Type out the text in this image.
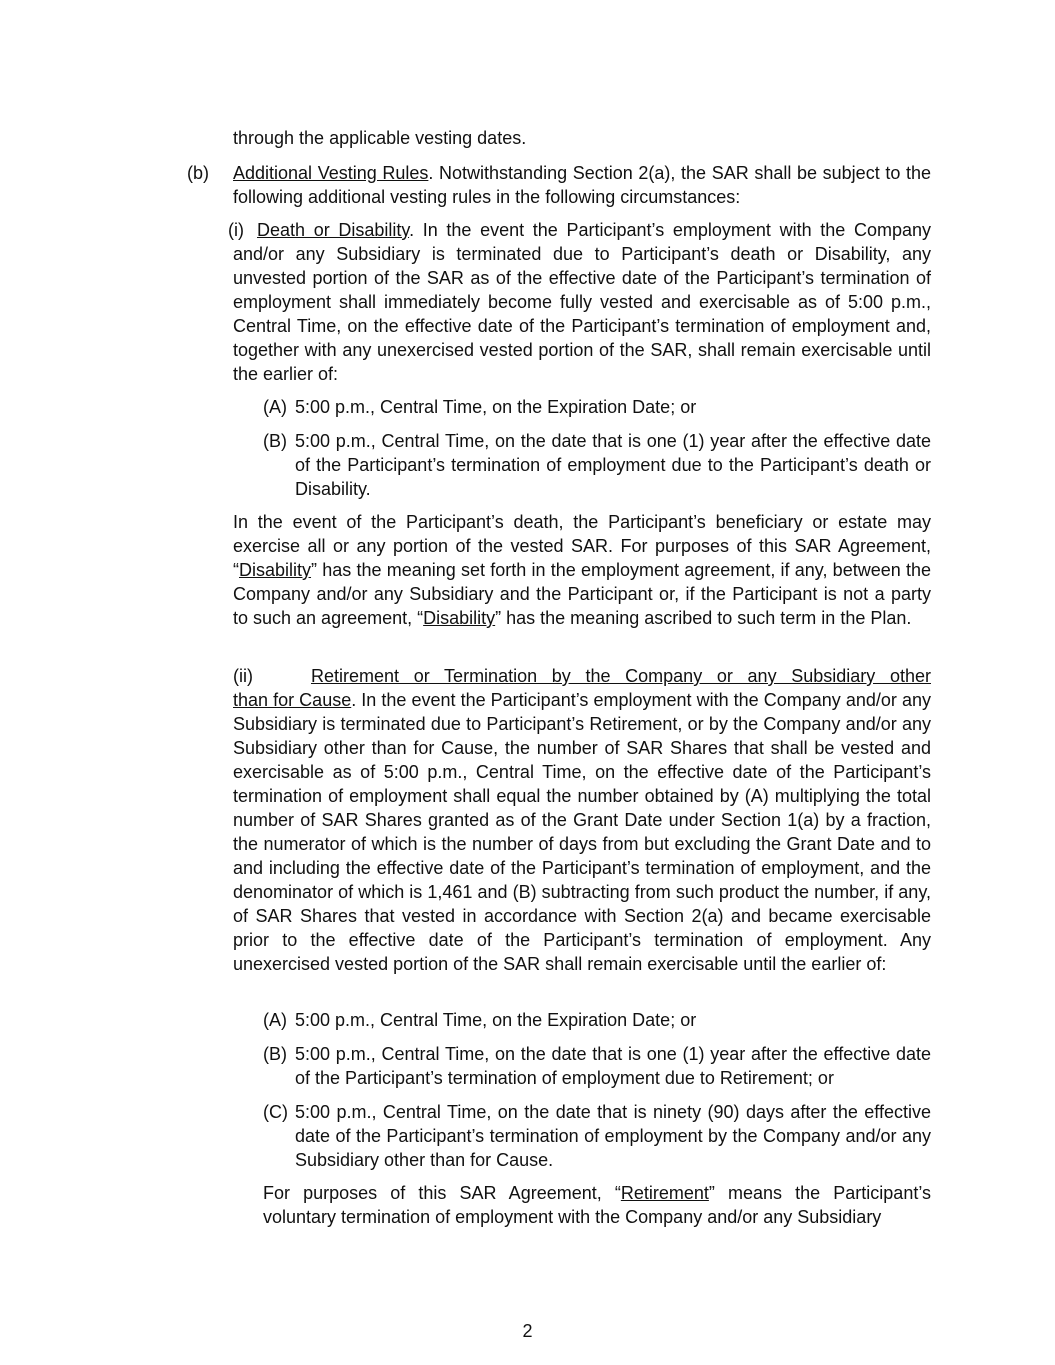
through the applicable vesting dates.

(b) Additional Vesting Rules. Notwithstanding Section 2(a), the SAR shall be subject to the following additional vesting rules in the following circumstances:

(i) Death or Disability. In the event the Participant’s employment with the Company and/or any Subsidiary is terminated due to Participant’s death or Disability, any unvested portion of the SAR as of the effective date of the Participant’s termination of employment shall immediately become fully vested and exercisable as of 5:00 p.m., Central Time, on the effective date of the Participant’s termination of employment and, together with any unexercised vested portion of the SAR, shall remain exercisable until the earlier of:

(A) 5:00 p.m., Central Time, on the Expiration Date; or

(B) 5:00 p.m., Central Time, on the date that is one (1) year after the effective date of the Participant’s termination of employment due to the Participant’s death or Disability.

In the event of the Participant’s death, the Participant’s beneficiary or estate may exercise all or any portion of the vested SAR. For purposes of this SAR Agreement, “Disability” has the meaning set forth in the employment agreement, if any, between the Company and/or any Subsidiary and the Participant or, if the Participant is not a party to such an agreement, “Disability” has the meaning ascribed to such term in the Plan.

(ii)	Retirement or Termination by the Company or any Subsidiary other

than for Cause. In the event the Participant’s employment with the Company and/or any Subsidiary is terminated due to Participant’s Retirement, or by the Company and/or any Subsidiary other than for Cause, the number of SAR Shares that shall be vested and exercisable as of 5:00 p.m., Central Time, on the effective date of the Participant’s termination of employment shall equal the number obtained by (A) multiplying the total number of SAR Shares granted as of the Grant Date under Section 1(a) by a fraction, the numerator of which is the number of days from but excluding the Grant Date and to and including the effective date of the Participant’s termination of employment, and the denominator of which is 1,461 and (B) subtracting from such product the number, if any, of SAR Shares that vested in accordance with Section 2(a) and became exercisable prior to the effective date of the Participant’s termination of employment. Any unexercised vested portion of the SAR shall remain exercisable until the earlier of:

(A) 5:00 p.m., Central Time, on the Expiration Date; or

(B) 5:00 p.m., Central Time, on the date that is one (1) year after the effective date of the Participant’s termination of employment due to Retirement; or

(C) 5:00 p.m., Central Time, on the date that is ninety (90) days after the effective date of the Participant’s termination of employment by the Company and/or any Subsidiary other than for Cause.

For purposes of this SAR Agreement, “Retirement” means the Participant’s voluntary termination of employment with the Company and/or any Subsidiary

2
